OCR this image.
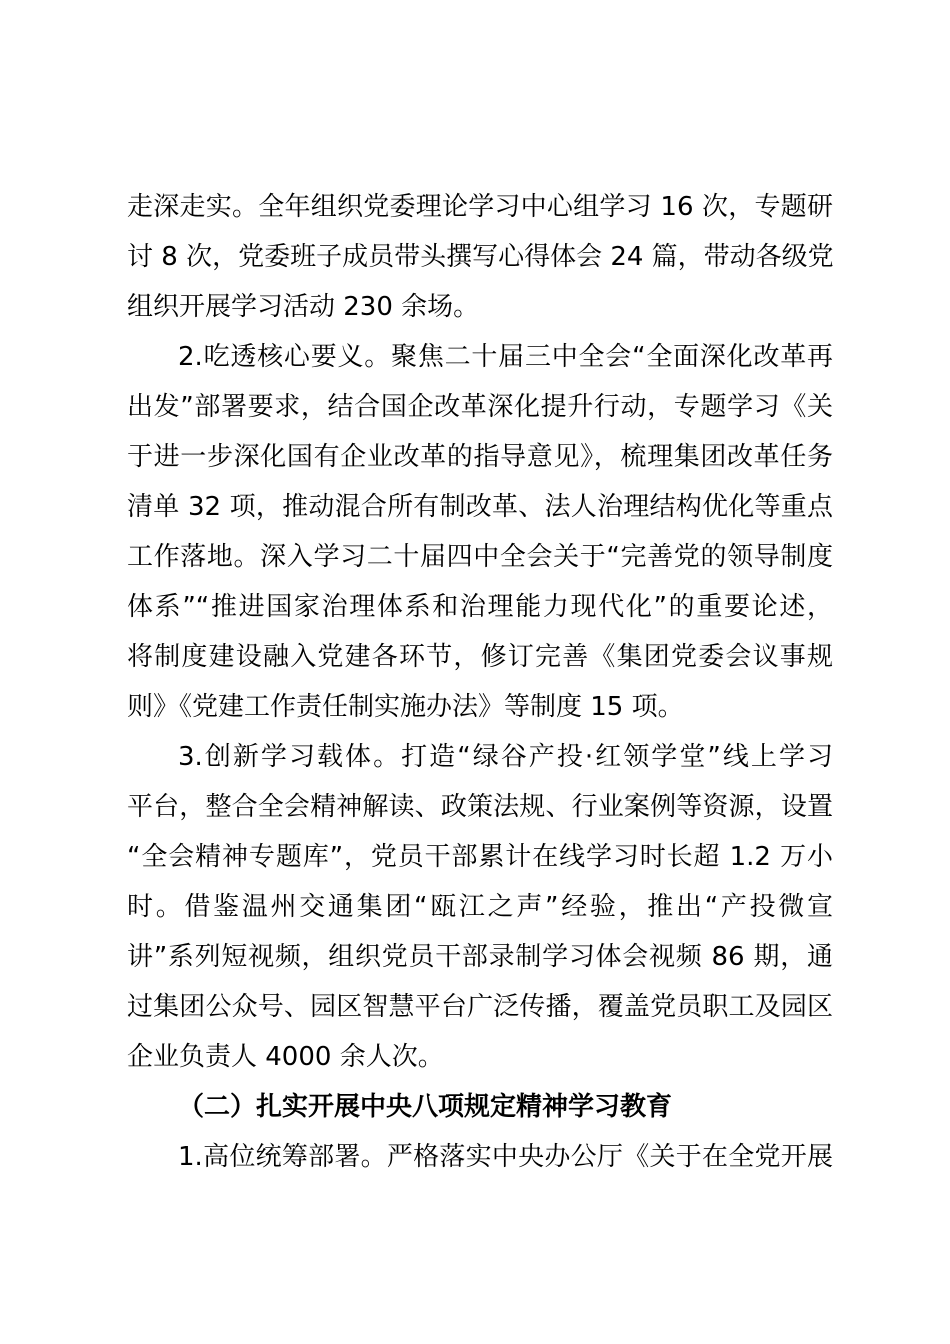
走深走实。全年组织党委理论学习中心组学习 16 次，专题研
讨 8 次，党委班子成员带头撰写心得体会 24 篇，带动各级党
组织开展学习活动 230 余场。
2.吃透核心要义。聚焦二十届三中全会“全面深化改革再
出发”部署要求，结合国企改革深化提升行动，专题学习《关
于进一步深化国有企业改革的指导意见》，梳理集团改革任务
清单 32 项，推动混合所有制改革、法人治理结构优化等重点
工作落地。深入学习二十届四中全会关于“完善党的领导制度
体系”“推进国家治理体系和治理能力现代化”的重要论述，
将制度建设融入党建各环节，修订完善《集团党委会议事规
则》《党建工作责任制实施办法》等制度 15 项。
3.创新学习载体。打造“绿谷产投·红领学堂”线上学习
平台，整合全会精神解读、政策法规、行业案例等资源，设置
“全会精神专题库”，党员干部累计在线学习时长超 1.2 万小
时。借鉴温州交通集团“瓯江之声”经验，推出“产投微宣
讲”系列短视频，组织党员干部录制学习体会视频 86 期，通
过集团公众号、园区智慧平台广泛传播，覆盖党员职工及园区
企业负责人 4000 余人次。
（二）扎实开展中央八项规定精神学习教育
1.高位统筹部署。严格落实中央办公厅《关于在全党开展
